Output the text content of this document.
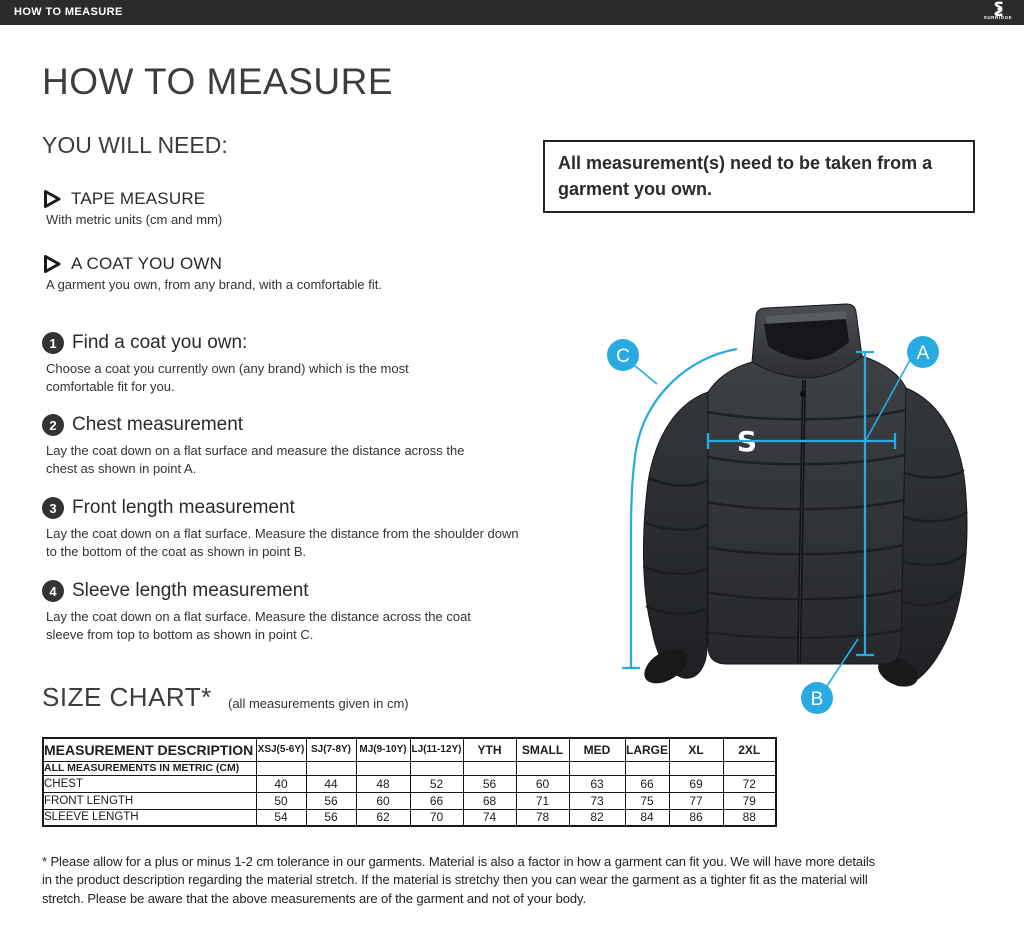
HOW TO MEASURE	SURRIDGE
HOW TO MEASURE
YOU WILL NEED:
TAPE MEASURE
With metric units (cm and mm)
A COAT YOU OWN
A garment you own, from any brand, with a comfortable fit.
1 Find a coat you own:
Choose a coat you currently own (any brand) which is the most comfortable fit for you.
2 Chest measurement
Lay the coat down on a flat surface and measure the distance across the chest as shown in point A.
3 Front length measurement
Lay the coat down on a flat surface. Measure the distance from the shoulder down to the bottom of the coat as shown in point B.
4 Sleeve length measurement
Lay the coat down on a flat surface. Measure the distance across the coat sleeve from top to bottom as shown in point C.
All measurement(s) need to be taken from a garment you own.
S
A
B
C
SIZE CHART* (all measurements given in cm)
MEASUREMENT DESCRIPTION	XSJ(5-6Y)	SJ(7-8Y)	MJ(9-10Y)	LJ(11-12Y)	YTH	SMALL	MED	LARGE	XL	2XL
ALL MEASUREMENTS IN METRIC (CM)										
CHEST	40	44	48	52	56	60	63	66	69	72
FRONT LENGTH	50	56	60	66	68	71	73	75	77	79
SLEEVE LENGTH	54	56	62	70	74	78	82	84	86	88
* Please allow for a plus or minus 1-2 cm tolerance in our garments. Material is also a factor in how a garment can fit you. We will have more details in the product description regarding the material stretch. If the material is stretchy then you can wear the garment as a tighter fit as the material will stretch. Please be aware that the above measurements are of the garment and not of your body.
